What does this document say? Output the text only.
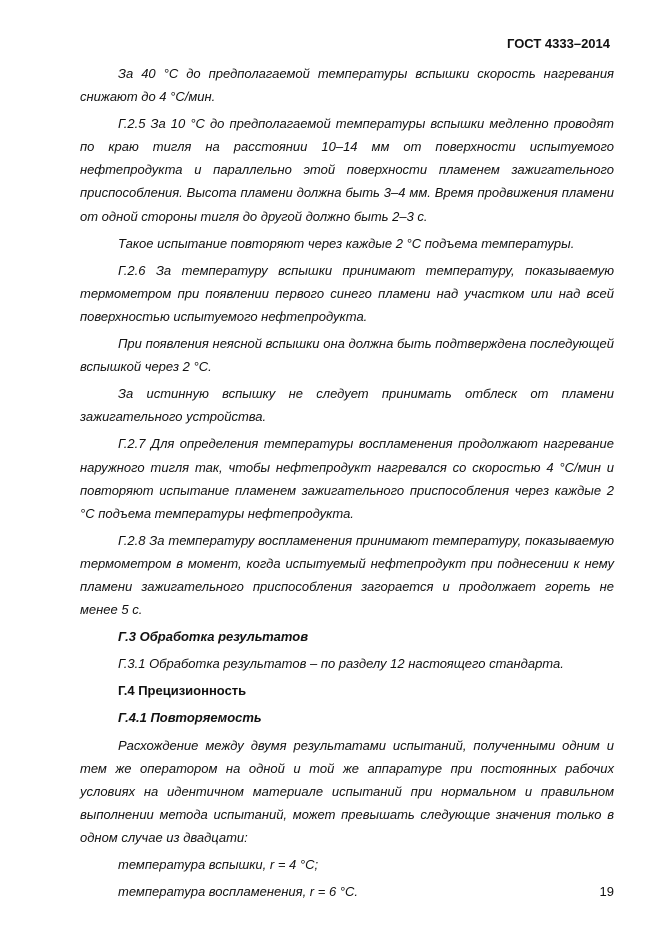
ГОСТ 4333–2014

За 40 °С до предполагаемой температуры вспышки скорость нагревания снижают до 4 °С/мин.

Г.2.5 За 10 °С до предполагаемой температуры вспышки медленно проводят по краю тигля на расстоянии 10–14 мм от поверхности испытуемого нефтепродукта и параллельно этой поверхности пламенем зажигательного приспособления. Высота пламени должна быть 3–4 мм. Время продвижения пламени от одной стороны тигля до другой должно быть 2–3 с.

Такое испытание повторяют через каждые 2 °С подъема температуры.

Г.2.6 За температуру вспышки принимают температуру, показываемую термометром при появлении первого синего пламени над участком или над всей поверхностью испытуемого нефтепродукта.

При появления неясной вспышки она должна быть подтверждена последующей вспышкой через 2 °С.

За истинную вспышку не следует принимать отблеск от пламени зажигательного устройства.

Г.2.7 Для определения температуры воспламенения продолжают нагревание наружного тигля так, чтобы нефтепродукт нагревался со скоростью 4 °С/мин и повторяют испытание пламенем зажигательного приспособления через каждые 2 °С подъема температуры нефтепродукта.

Г.2.8 За температуру воспламенения принимают температуру, показываемую термометром в момент, когда испытуемый нефтепродукт при поднесении к нему пламени зажигательного приспособления загорается и продолжает гореть не менее 5 с.

Г.3 Обработка результатов

Г.3.1 Обработка результатов – по разделу 12 настоящего стандарта.

Г.4 Прецизионность

Г.4.1 Повторяемость

Расхождение между двумя результатами испытаний, полученными одним и тем же оператором на одной и той же аппаратуре при постоянных рабочих условиях на идентичном материале испытаний при нормальном и правильном выполнении метода испытаний, может превышать следующие значения только в одном случае из двадцати:

температура вспышки, r = 4 °С;

температура воспламенения, r = 6 °С.	19
